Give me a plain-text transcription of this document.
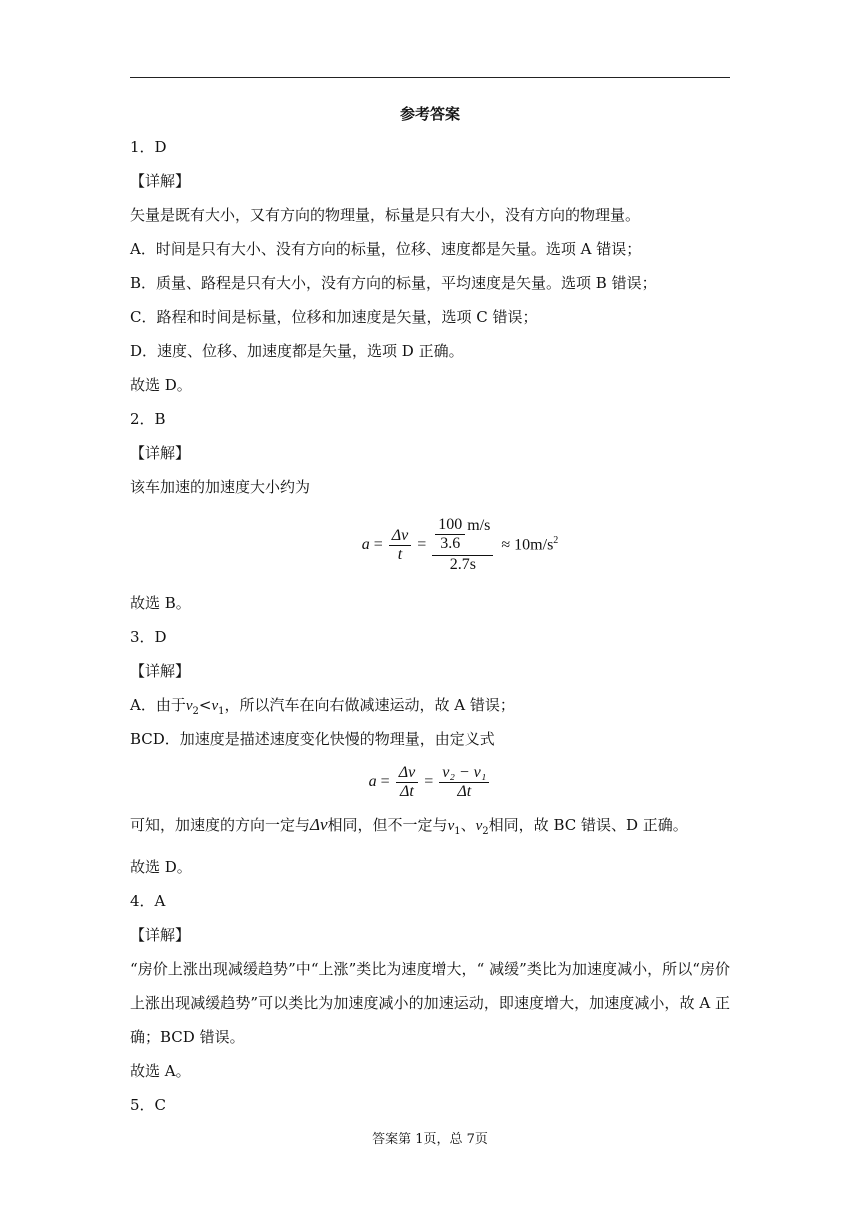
参考答案
1．D
【详解】
矢量是既有大小，又有方向的物理量，标量是只有大小，没有方向的物理量。
A．时间是只有大小、没有方向的标量，位移、速度都是矢量。选项 A 错误；
B．质量、路程是只有大小，没有方向的标量，平均速度是矢量。选项 B 错误；
C．路程和时间是标量，位移和加速度是矢量，选项 C 错误；
D．速度、位移、加速度都是矢量，选项 D 正确。
故选 D。
2．B
【详解】
该车加速的加速度大小约为
$a = \frac{\Delta v}{t} = \frac{\frac{100}{3.6} m/s}{2.7s} \approx 10m/s^2$
故选 B。
3．D
【详解】
A．由于$v_2<v_1$，所以汽车在向右做减速运动，故 A 错误；
BCD．加速度是描述速度变化快慢的物理量，由定义式
$a = \frac{\Delta v}{\Delta t} = \frac{\text{v₂ − v₁}}{\Delta t}$
可知，加速度的方向一定与Δv相同，但不一定与$v_1$、$v_2$相同，故 BC 错误、D 正确。
故选 D。
4．A
【详解】
“房价上涨出现减缓趋势”中“上涨”类比为速度增大，“ 减缓”类比为加速度减小，所以“房价上涨出现减缓趋势”可以类比为加速度减小的加速运动，即速度增大，加速度减小，故 A 正确；BCD 错误。
故选 A。
5．C
答案第 1页，总 7页
